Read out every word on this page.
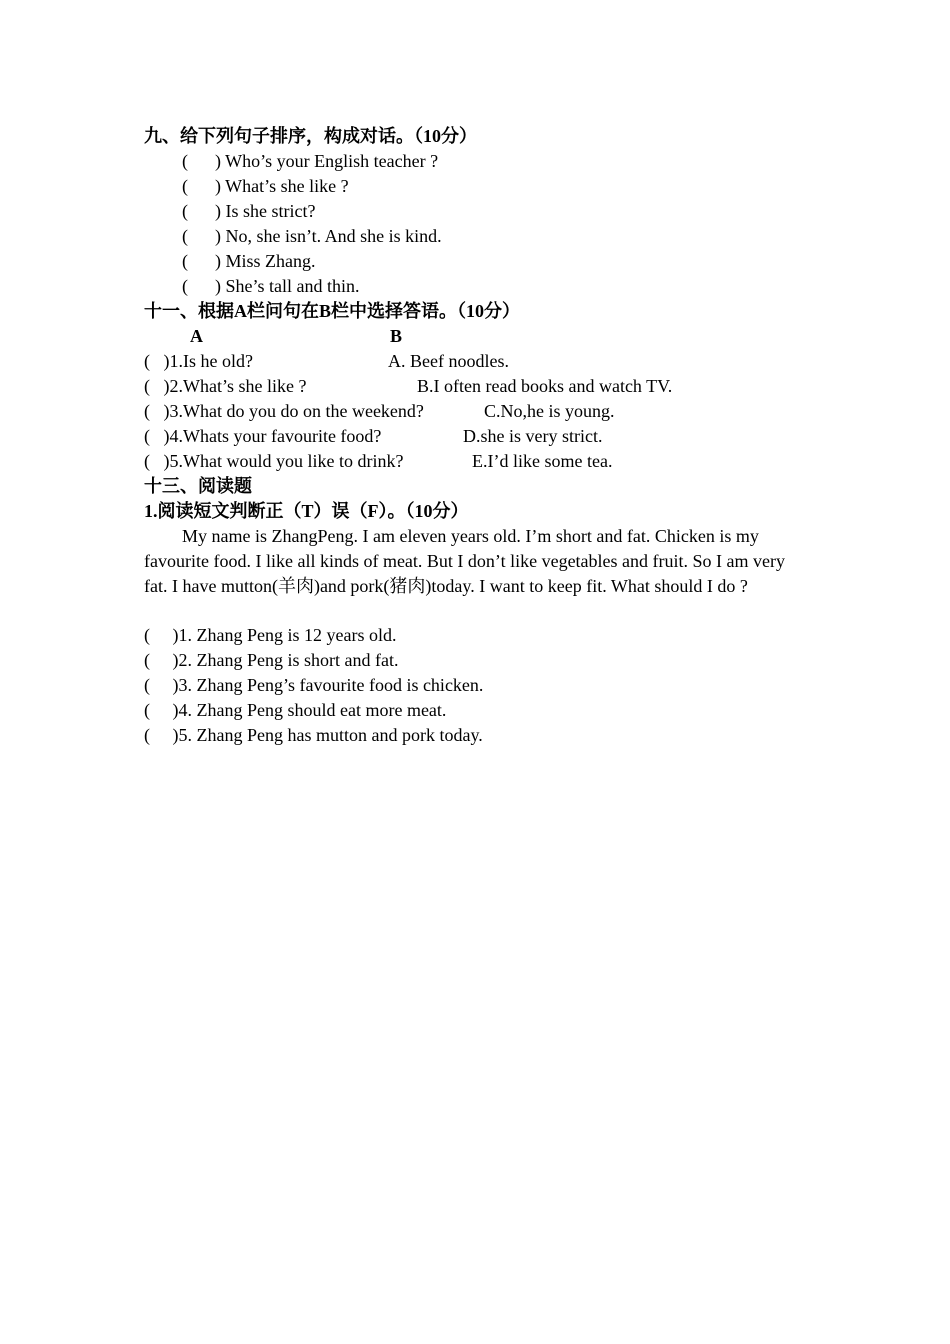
九、给下列句子排序，构成对话。（10分）
(      ) Who’s your English teacher ?
(      ) What’s she like ?
(      ) Is she strict?
(      ) No, she isn’t. And she is kind.
(      ) Miss Zhang.
(      ) She’s tall and thin.
十一、根据A栏问句在B栏中选择答语。（10分）
A	B
(   )1.Is he old?	A. Beef noodles.
(   )2.What’s she like ?	B.I often read books and watch TV.
(   )3.What do you do on the weekend?	C.No,he is young.
(   )4.Whats your favourite food?	D.she is very strict.
(   )5.What would you like to drink?	E.I’d like some tea.
十三、阅读题
1.阅读短文判断正（T）误（F）。（10分）
My name is ZhangPeng. I am eleven years old. I’m short and fat. Chicken is my favourite food. I like all kinds of meat. But I don’t like vegetables and fruit. So I am very fat. I have mutton(羊肉)and pork(猪肉)today. I want to keep fit. What should I do ?
(     )1. Zhang Peng is 12 years old.
(     )2. Zhang Peng is short and fat.
(     )3. Zhang Peng’s favourite food is chicken.
(     )4. Zhang Peng should eat more meat.
(     )5. Zhang Peng has mutton and pork today.
